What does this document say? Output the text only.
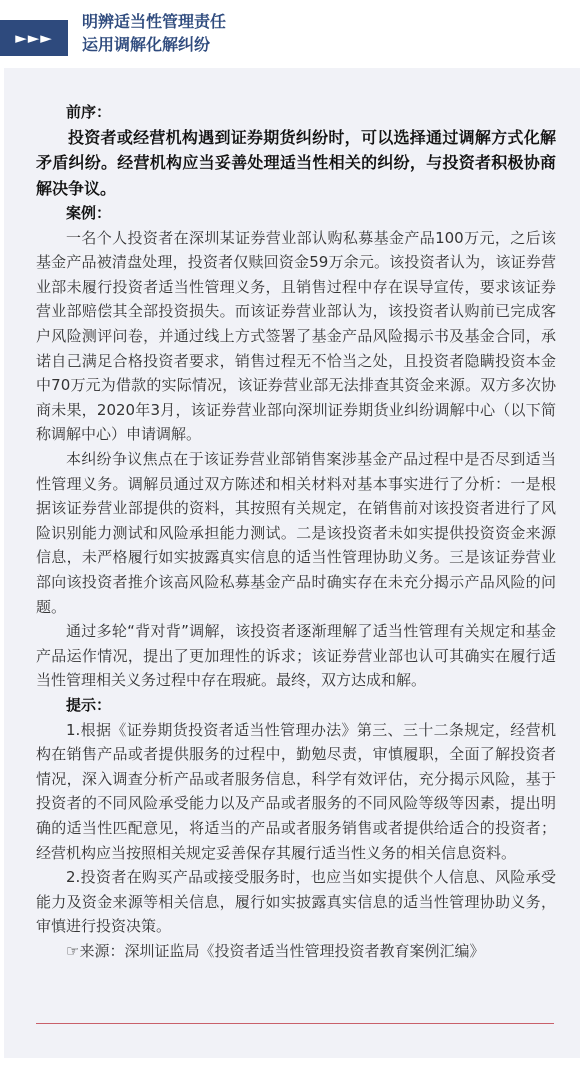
►►►
明辨适当性管理责任
运用调解化解纠纷

前序：

投资者或经营机构遇到证券期货纠纷时，可以选择通过调解方式化解矛盾纠纷。经营机构应当妥善处理适当性相关的纠纷，与投资者积极协商解决争议。

案例：

一名个人投资者在深圳某证券营业部认购私募基金产品100万元，之后该基金产品被清盘处理，投资者仅赎回资金59万余元。该投资者认为，该证券营业部未履行投资者适当性管理义务，且销售过程中存在误导宣传，要求该证券营业部赔偿其全部投资损失。而该证券营业部认为，该投资者认购前已完成客户风险测评问卷，并通过线上方式签署了基金产品风险揭示书及基金合同，承诺自己满足合格投资者要求，销售过程无不恰当之处，且投资者隐瞒投资本金中70万元为借款的实际情况，该证券营业部无法排查其资金来源。双方多次协商未果，2020年3月，该证券营业部向深圳证券期货业纠纷调解中心（以下简称调解中心）申请调解。

本纠纷争议焦点在于该证券营业部销售案涉基金产品过程中是否尽到适当性管理义务。调解员通过双方陈述和相关材料对基本事实进行了分析：一是根据该证券营业部提供的资料，其按照有关规定，在销售前对该投资者进行了风险识别能力测试和风险承担能力测试。二是该投资者未如实提供投资资金来源信息，未严格履行如实披露真实信息的适当性管理协助义务。三是该证券营业部向该投资者推介该高风险私募基金产品时确实存在未充分揭示产品风险的问题。

通过多轮“背对背”调解，该投资者逐渐理解了适当性管理有关规定和基金产品运作情况，提出了更加理性的诉求；该证券营业部也认可其确实在履行适当性管理相关义务过程中存在瑕疵。最终，双方达成和解。

提示：

1.根据《证券期货投资者适当性管理办法》第三、三十二条规定，经营机构在销售产品或者提供服务的过程中，勤勉尽责，审慎履职，全面了解投资者情况，深入调查分析产品或者服务信息，科学有效评估，充分揭示风险，基于投资者的不同风险承受能力以及产品或者服务的不同风险等级等因素，提出明确的适当性匹配意见，将适当的产品或者服务销售或者提供给适合的投资者；经营机构应当按照相关规定妥善保存其履行适当性义务的相关信息资料。

2.投资者在购买产品或接受服务时，也应当如实提供个人信息、风险承受能力及资金来源等相关信息，履行如实披露真实信息的适当性管理协助义务，审慎进行投资决策。

☞来源：深圳证监局《投资者适当性管理投资者教育案例汇编》
